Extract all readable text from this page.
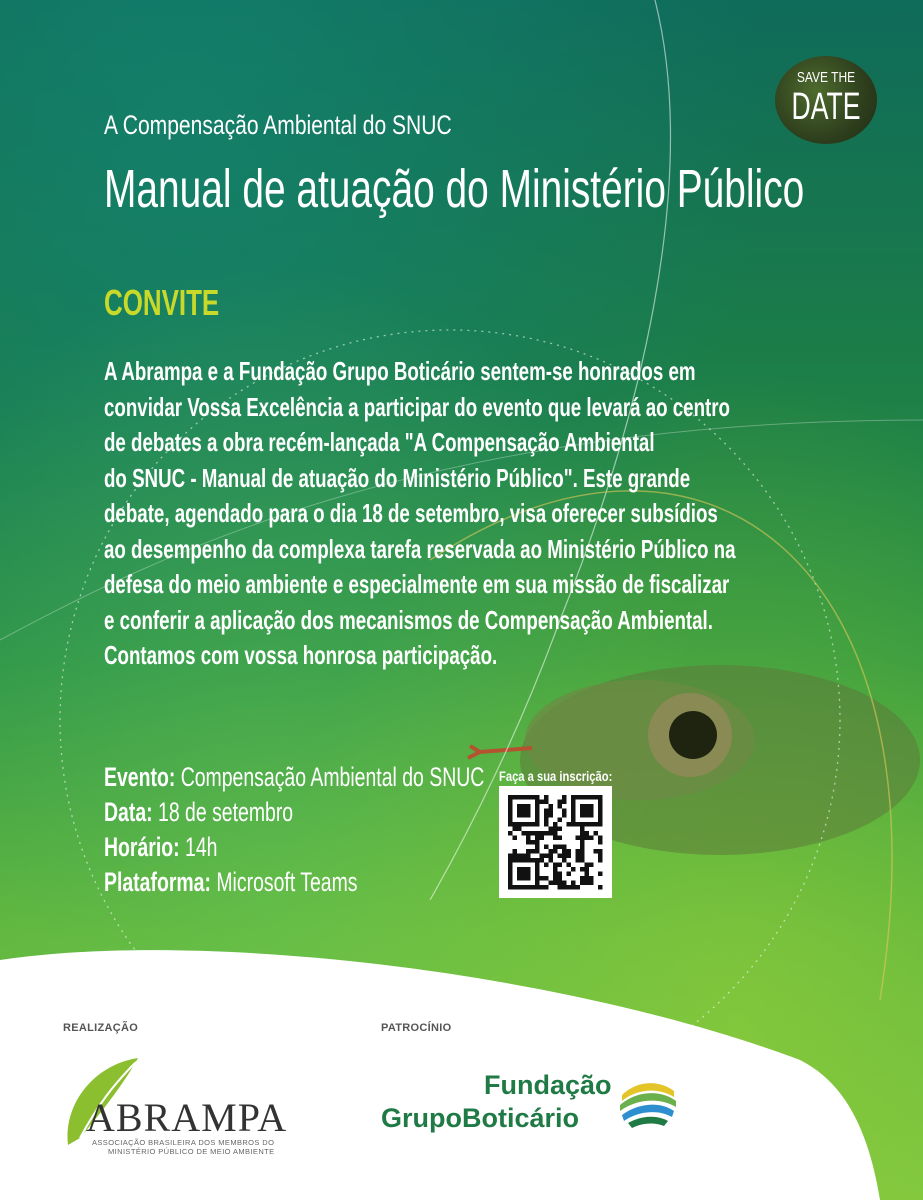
SAVE THE
DATE
A Compensação Ambiental do SNUC
Manual de atuação do Ministério Público
CONVITE

A Abrampa e a Fundação Grupo Boticário sentem-se honrados em

convidar Vossa Excelência a participar do evento que levará ao centro

de debates a obra recém-lançada "A Compensação Ambiental

do SNUC - Manual de atuação do Ministério Público". Este grande

debate, agendado para o dia 18 de setembro, visa oferecer subsídios

ao desempenho da complexa tarefa reservada ao Ministério Público na

defesa do meio ambiente e especialmente em sua missão de fiscalizar

e conferir a aplicação dos mecanismos de Compensação Ambiental.

Contamos com vossa honrosa participação.

Evento: Compensação Ambiental do SNUC
Data: 18 de setembro
Horário: 14h
Plataforma: Microsoft Teams
Faça a sua inscrição:
REALIZAÇÃO	PATROCÍNIO
ABRAMPA
ASSOCIAÇÃO BRASILEIRA DOS MEMBROS DO
MINISTÉRIO PÚBLICO DE MEIO AMBIENTE
Fundação
GrupoBoticário
